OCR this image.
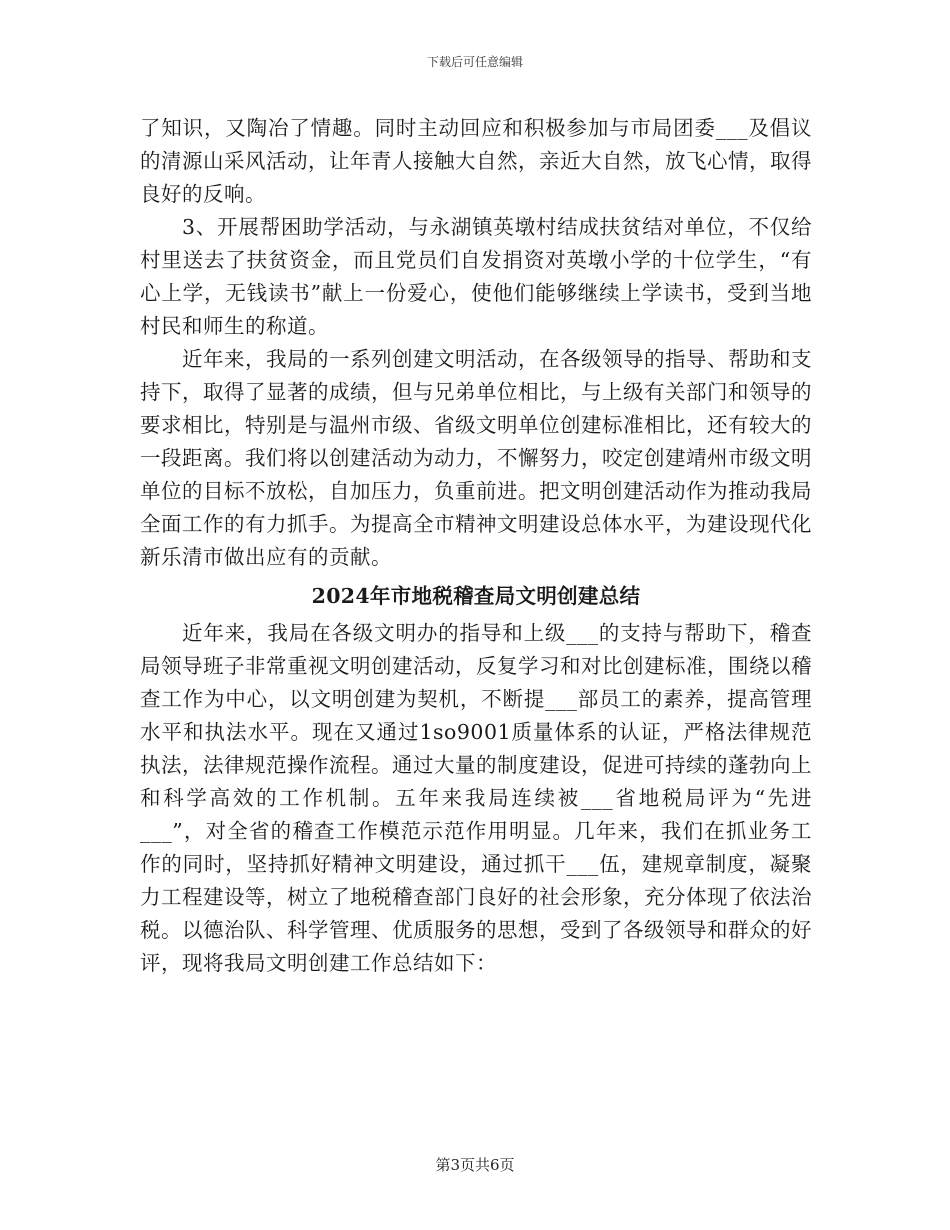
下载后可任意编辑

了知识，又陶冶了情趣。同时主动回应和积极参加与市局团委___及倡议的清源山采风活动，让年青人接触大自然，亲近大自然，放飞心情，取得良好的反响。

3、开展帮困助学活动，与永湖镇英墩村结成扶贫结对单位，不仅给村里送去了扶贫资金，而且党员们自发捐资对英墩小学的十位学生，“有心上学，无钱读书”献上一份爱心，使他们能够继续上学读书，受到当地村民和师生的称道。

近年来，我局的一系列创建文明活动，在各级领导的指导、帮助和支持下，取得了显著的成绩，但与兄弟单位相比，与上级有关部门和领导的要求相比，特别是与温州市级、省级文明单位创建标准相比，还有较大的一段距离。我们将以创建活动为动力，不懈努力，咬定创建靖州市级文明单位的目标不放松，自加压力，负重前进。把文明创建活动作为推动我局全面工作的有力抓手。为提高全市精神文明建设总体水平，为建设现代化新乐清市做出应有的贡献。

2024年市地税稽查局文明创建总结

近年来，我局在各级文明办的指导和上级___的支持与帮助下，稽查局领导班子非常重视文明创建活动，反复学习和对比创建标准，围绕以稽查工作为中心，以文明创建为契机，不断提___部员工的素养，提高管理水平和执法水平。现在又通过1so9001质量体系的认证，严格法律规范执法，法律规范操作流程。通过大量的制度建设，促进可持续的蓬勃向上和科学高效的工作机制。五年来我局连续被___省地税局评为“先进___”，对全省的稽查工作模范示范作用明显。几年来，我们在抓业务工作的同时，坚持抓好精神文明建设，通过抓干___伍，建规章制度，凝聚力工程建设等，树立了地税稽查部门良好的社会形象，充分体现了依法治税。以德治队、科学管理、优质服务的思想，受到了各级领导和群众的好评，现将我局文明创建工作总结如下：

第3页共6页
